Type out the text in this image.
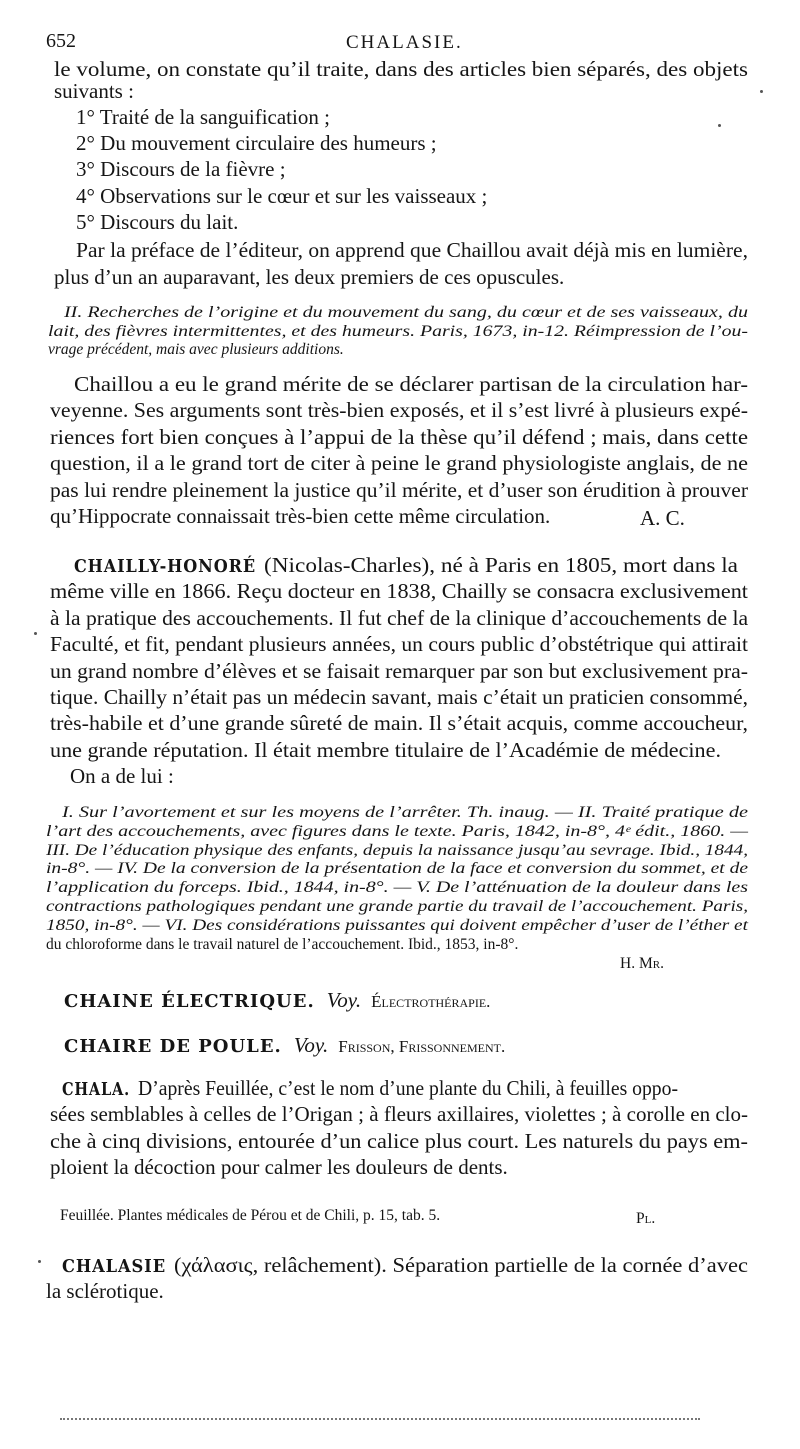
652	CHALASIE.
le volume, on constate qu’il traite, dans des articles bien séparés, des objets
suivants :
1° Traité de la sanguification ;
2° Du mouvement circulaire des humeurs ;
3° Discours de la fièvre ;
4° Observations sur le cœur et sur les vaisseaux ;
5° Discours du lait.
Par la préface de l’éditeur, on apprend que Chaillou avait déjà mis en lumière,
plus d’un an auparavant, les deux premiers de ces opuscules.
II. Recherches de l’origine et du mouvement du sang, du cœur et de ses vaisseaux, du
lait, des fièvres intermittentes, et des humeurs. Paris, 1673, in-12. Réimpression de l’ou-
vrage précédent, mais avec plusieurs additions.
Chaillou a eu le grand mérite de se déclarer partisan de la circulation har-
veyenne. Ses arguments sont très-bien exposés, et il s’est livré à plusieurs expé-
riences fort bien conçues à l’appui de la thèse qu’il défend ; mais, dans cette
question, il a le grand tort de citer à peine le grand physiologiste anglais, de ne
pas lui rendre pleinement la justice qu’il mérite, et d’user son érudition à prouver
qu’Hippocrate connaissait très-bien cette même circulation.
(Nicolas-Charles), né à Paris en 1805, mort dans la
même ville en 1866. Reçu docteur en 1838, Chailly se consacra exclusivement
à la pratique des accouchements. Il fut chef de la clinique d’accouchements de la
Faculté, et fit, pendant plusieurs années, un cours public d’obstétrique qui attirait
un grand nombre d’élèves et se faisait remarquer par son but exclusivement pra-
tique. Chailly n’était pas un médecin savant, mais c’était un praticien consommé,
très-habile et d’une grande sûreté de main. Il s’était acquis, comme accoucheur,
une grande réputation. Il était membre titulaire de l’Académie de médecine.
On a de lui :
I. Sur l’avortement et sur les moyens de l’arrêter. Th. inaug. — II. Traité pratique de
l’art des accouchements, avec figures dans le texte. Paris, 1842, in-8°, 4ᵉ édit., 1860. —
III. De l’éducation physique des enfants, depuis la naissance jusqu’au sevrage. Ibid., 1844,
in-8°. — IV. De la conversion de la présentation de la face et conversion du sommet, et de
l’application du forceps. Ibid., 1844, in-8°. — V. De l’atténuation de la douleur dans les
contractions pathologiques pendant une grande partie du travail de l’accouchement. Paris,
1850, in-8°. — VI. Des considérations puissantes qui doivent empêcher d’user de l’éther et
du chloroforme dans le travail naturel de l’accouchement. Ibid., 1853, in-8°.
D’après Feuillée, c’est le nom d’une plante du Chili, à feuilles oppo-
sées semblables à celles de l’Origan ; à fleurs axillaires, violettes ; à corolle en clo-
che à cinq divisions, entourée d’un calice plus court. Les naturels du pays em-
ploient la décoction pour calmer les douleurs de dents.
Feuillée. Plantes médicales de Pérou et de Chili, p. 15, tab. 5.
(χάλασις, relâchement). Séparation partielle de la cornée d’avec
la sclérotique.
CHAILLY-HONORÉ
CHALA.
CHALASIE
CHAINE ÉLECTRIQUE. Voy. Électrothérapie.
CHAIRE DE POULE. Voy. Frisson, Frissonnement.
A. C.
H. Mr.
Pl.
